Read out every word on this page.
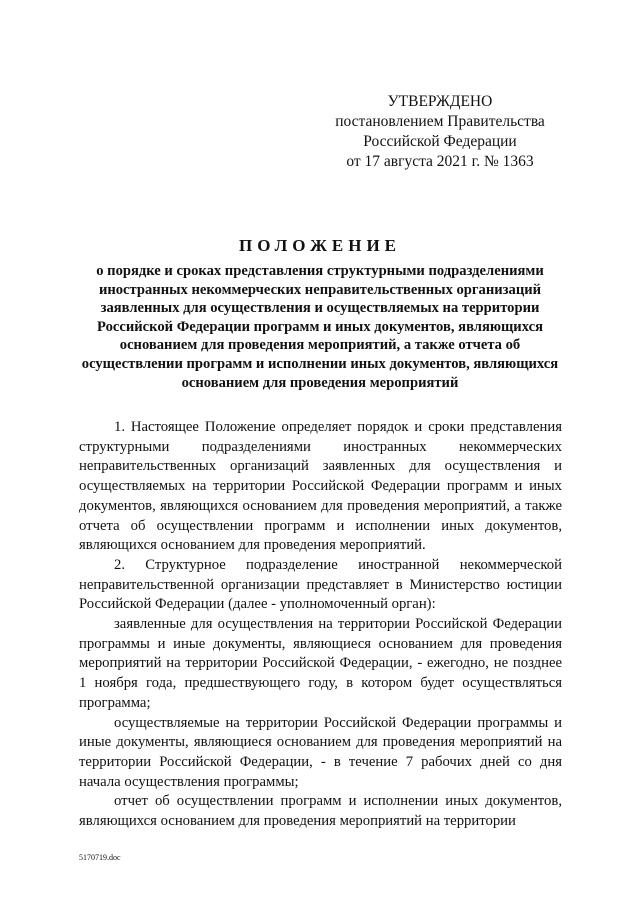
УТВЕРЖДЕНО
постановлением Правительства
Российской Федерации
от 17 августа 2021 г. № 1363
ПОЛОЖЕНИЕ
о порядке и сроках представления структурными подразделениями иностранных некоммерческих неправительственных организаций заявленных для осуществления и осуществляемых на территории Российской Федерации программ и иных документов, являющихся основанием для проведения мероприятий, а также отчета об осуществлении программ и исполнении иных документов, являющихся основанием для проведения мероприятий

1. Настоящее Положение определяет порядок и сроки представления структурными подразделениями иностранных некоммерческих неправительственных организаций заявленных для осуществления и осуществляемых на территории Российской Федерации программ и иных документов, являющихся основанием для проведения мероприятий, а также отчета об осуществлении программ и исполнении иных документов, являющихся основанием для проведения мероприятий.

2. Структурное подразделение иностранной некоммерческой неправительственной организации представляет в Министерство юстиции Российской Федерации (далее - уполномоченный орган):

заявленные для осуществления на территории Российской Федерации программы и иные документы, являющиеся основанием для проведения мероприятий на территории Российской Федерации, - ежегодно, не позднее 1 ноября года, предшествующего году, в котором будет осуществляться программа;

осуществляемые на территории Российской Федерации программы и иные документы, являющиеся основанием для проведения мероприятий на территории Российской Федерации, - в течение 7 рабочих дней со дня начала осуществления программы;

отчет об осуществлении программ и исполнении иных документов, являющихся основанием для проведения мероприятий на территории

5170719.doc
